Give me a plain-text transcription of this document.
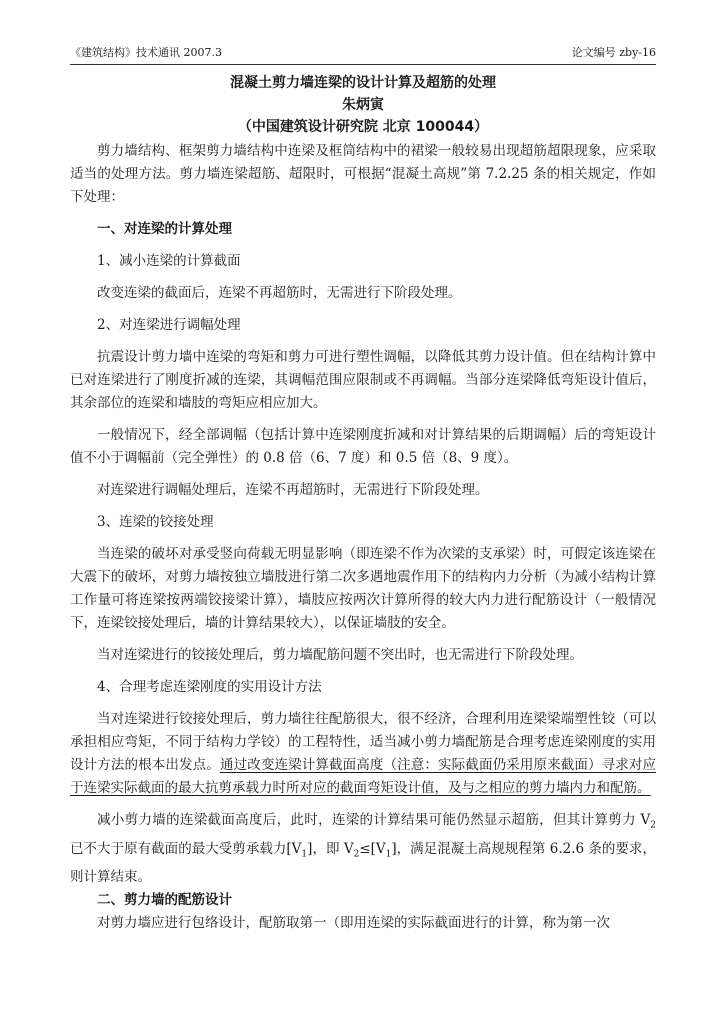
《建筑结构》技术通讯 2007.3	论文编号 zby-16
混凝土剪力墙连梁的设计计算及超筋的处理
朱炳寅
（中国建筑设计研究院 北京 100044）

剪力墙结构、框架剪力墙结构中连梁及框筒结构中的裙梁一般较易出现超筋超限现象，应采取适当的处理方法。剪力墙连梁超筋、超限时，可根据“混凝土高规”第 7.2.25 条的相关规定，作如下处理：

一、对连梁的计算处理

1、减小连梁的计算截面

改变连梁的截面后，连梁不再超筋时，无需进行下阶段处理。

2、对连梁进行调幅处理

抗震设计剪力墙中连梁的弯矩和剪力可进行塑性调幅，以降低其剪力设计值。但在结构计算中已对连梁进行了刚度折减的连梁，其调幅范围应限制或不再调幅。当部分连梁降低弯矩设计值后，其余部位的连梁和墙肢的弯矩应相应加大。

一般情况下，经全部调幅（包括计算中连梁刚度折减和对计算结果的后期调幅）后的弯矩设计值不小于调幅前（完全弹性）的 0.8 倍（6、7 度）和 0.5 倍（8、9 度）。

对连梁进行调幅处理后，连梁不再超筋时，无需进行下阶段处理。

3、连梁的铰接处理

当连梁的破坏对承受竖向荷载无明显影响（即连梁不作为次梁的支承梁）时，可假定该连梁在大震下的破坏，对剪力墙按独立墙肢进行第二次多遇地震作用下的结构内力分析（为减小结构计算工作量可将连梁按两端铰接梁计算），墙肢应按两次计算所得的较大内力进行配筋设计（一般情况下，连梁铰接处理后，墙的计算结果较大），以保证墙肢的安全。

当对连梁进行的铰接处理后，剪力墙配筋问题不突出时，也无需进行下阶段处理。

4、合理考虑连梁刚度的实用设计方法

当对连梁进行铰接处理后，剪力墙往往配筋很大，很不经济，合理利用连梁梁端塑性铰（可以承担相应弯矩，不同于结构力学铰）的工程特性，适当减小剪力墙配筋是合理考虑连梁刚度的实用设计方法的根本出发点。通过改变连梁计算截面高度（注意：实际截面仍采用原来截面）寻求对应于连梁实际截面的最大抗剪承载力时所对应的截面弯矩设计值，及与之相应的剪力墙内力和配筋。

减小剪力墙的连梁截面高度后，此时，连梁的计算结果可能仍然显示超筋，但其计算剪力 $V_2$已不大于原有截面的最大受剪承载力$[V_1]$，即 $V_2\le[V_1]$，满足混凝土高规规程第 6.2.6 条的要求，则计算结束。

二、剪力墙的配筋设计

对剪力墙应进行包络设计，配筋取第一（即用连梁的实际截面进行的计算，称为第一次
